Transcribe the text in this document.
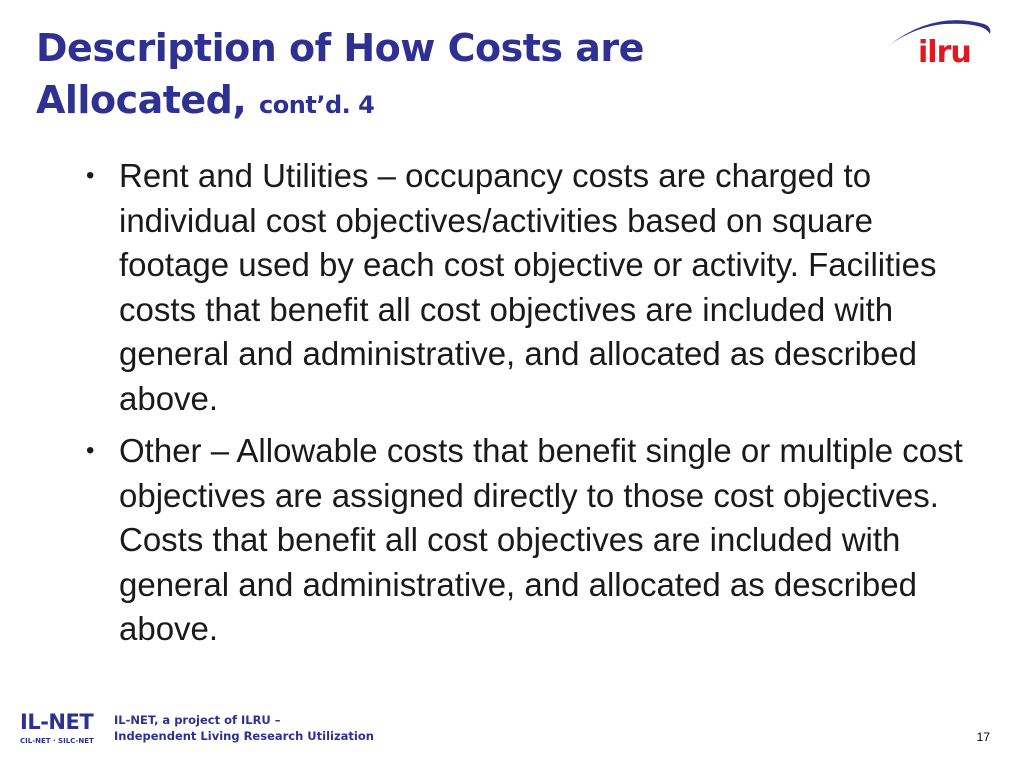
Description of How Costs are
Allocated, cont’d. 4
ilru
• Rent and Utilities – occupancy costs are charged to individual cost objectives/activities based on square footage used by each cost objective or activity. Facilities costs that benefit all cost objectives are included with general and administrative, and allocated as described above.
• Other – Allowable costs that benefit single or multiple cost objectives are assigned directly to those cost objectives. Costs that benefit all cost objectives are included with general and administrative, and allocated as described above.
IL-NET
CIL-NET · SILC-NET
IL-NET, a project of ILRU –
Independent Living Research Utilization	17
